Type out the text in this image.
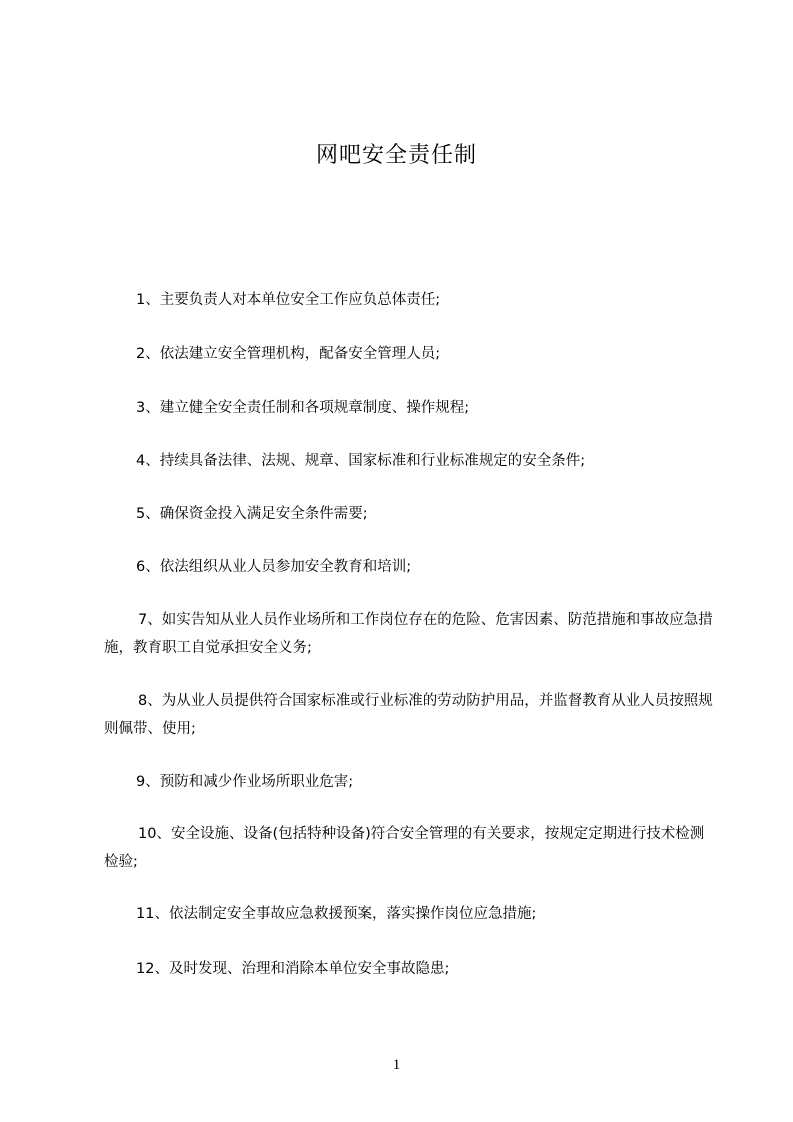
网吧安全责任制

1、主要负责人对本单位安全工作应负总体责任;

2、依法建立安全管理机构，配备安全管理人员;

3、建立健全安全责任制和各项规章制度、操作规程;

4、持续具备法律、法规、规章、国家标准和行业标准规定的安全条件;

5、确保资金投入满足安全条件需要;

6、依法组织从业人员参加安全教育和培训;

7、如实告知从业人员作业场所和工作岗位存在的危险、危害因素、防范措施和事故应急措施，教育职工自觉承担安全义务;

8、为从业人员提供符合国家标准或行业标准的劳动防护用品，并监督教育从业人员按照规则佩带、使用;

9、预防和减少作业场所职业危害;

10、安全设施、设备(包括特种设备)符合安全管理的有关要求，按规定定期进行技术检测检验;

11、依法制定安全事故应急救援预案，落实操作岗位应急措施;

12、及时发现、治理和消除本单位安全事故隐患;

1
